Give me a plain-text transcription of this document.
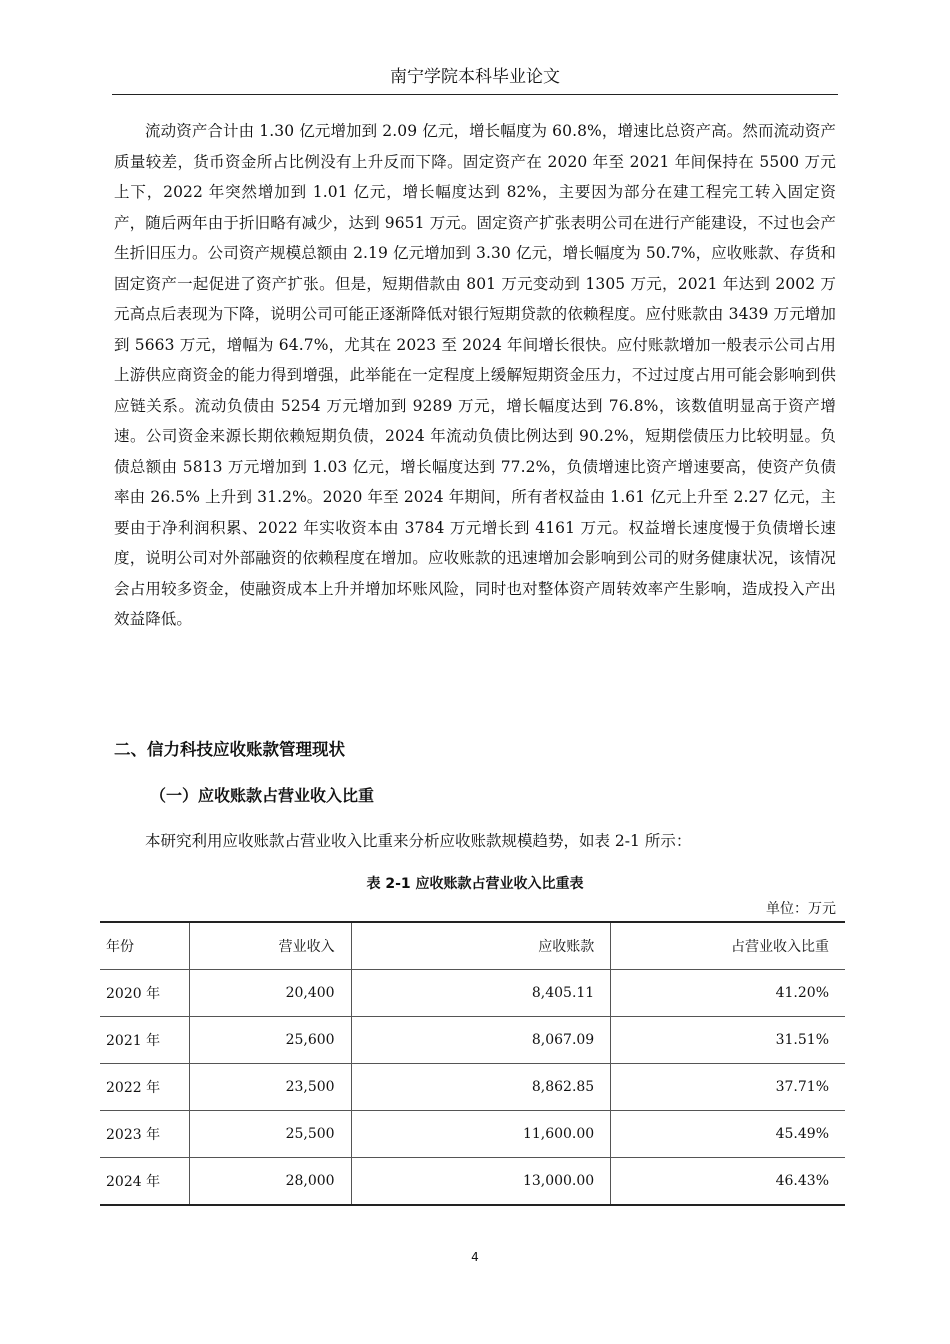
南宁学院本科毕业论文

流动资产合计由 1.30 亿元增加到 2.09 亿元，增长幅度为 60.8%，增速比总资产高。然而流动资产质量较差，货币资金所占比例没有上升反而下降。固定资产在 2020 年至 2021 年间保持在 5500 万元上下，2022 年突然增加到 1.01 亿元，增长幅度达到 82%，主要因为部分在建工程完工转入固定资产，随后两年由于折旧略有减少，达到 9651 万元。固定资产扩张表明公司在进行产能建设，不过也会产生折旧压力。公司资产规模总额由 2.19 亿元增加到 3.30 亿元，增长幅度为 50.7%，应收账款、存货和固定资产一起促进了资产扩张。但是，短期借款由 801 万元变动到 1305 万元，2021 年达到 2002 万元高点后表现为下降，说明公司可能正逐渐降低对银行短期贷款的依赖程度。应付账款由 3439 万元增加到 5663 万元，增幅为 64.7%，尤其在 2023 至 2024 年间增长很快。应付账款增加一般表示公司占用上游供应商资金的能力得到增强，此举能在一定程度上缓解短期资金压力，不过过度占用可能会影响到供应链关系。流动负债由 5254 万元增加到 9289 万元，增长幅度达到 76.8%，该数值明显高于资产增速。公司资金来源长期依赖短期负债，2024 年流动负债比例达到 90.2%，短期偿债压力比较明显。负债总额由 5813 万元增加到 1.03 亿元，增长幅度达到 77.2%，负债增速比资产增速要高，使资产负债率由 26.5% 上升到 31.2%。2020 年至 2024 年期间，所有者权益由 1.61 亿元上升至 2.27 亿元，主要由于净利润积累、2022 年实收资本由 3784 万元增长到 4161 万元。权益增长速度慢于负债增长速度，说明公司对外部融资的依赖程度在增加。应收账款的迅速增加会影响到公司的财务健康状况，该情况会占用较多资金，使融资成本上升并增加坏账风险，同时也对整体资产周转效率产生影响，造成投入产出效益降低。

二、信力科技应收账款管理现状
（一）应收账款占营业收入比重

本研究利用应收账款占营业收入比重来分析应收账款规模趋势，如表 2-1 所示：

表 2-1 应收账款占营业收入比重表
单位：万元
年份	营业收入	应收账款	占营业收入比重
2020 年	20,400	8,405.11	41.20%
2021 年	25,600	8,067.09	31.51%
2022 年	23,500	8,862.85	37.71%
2023 年	25,500	11,600.00	45.49%
2024 年	28,000	13,000.00	46.43%
4
